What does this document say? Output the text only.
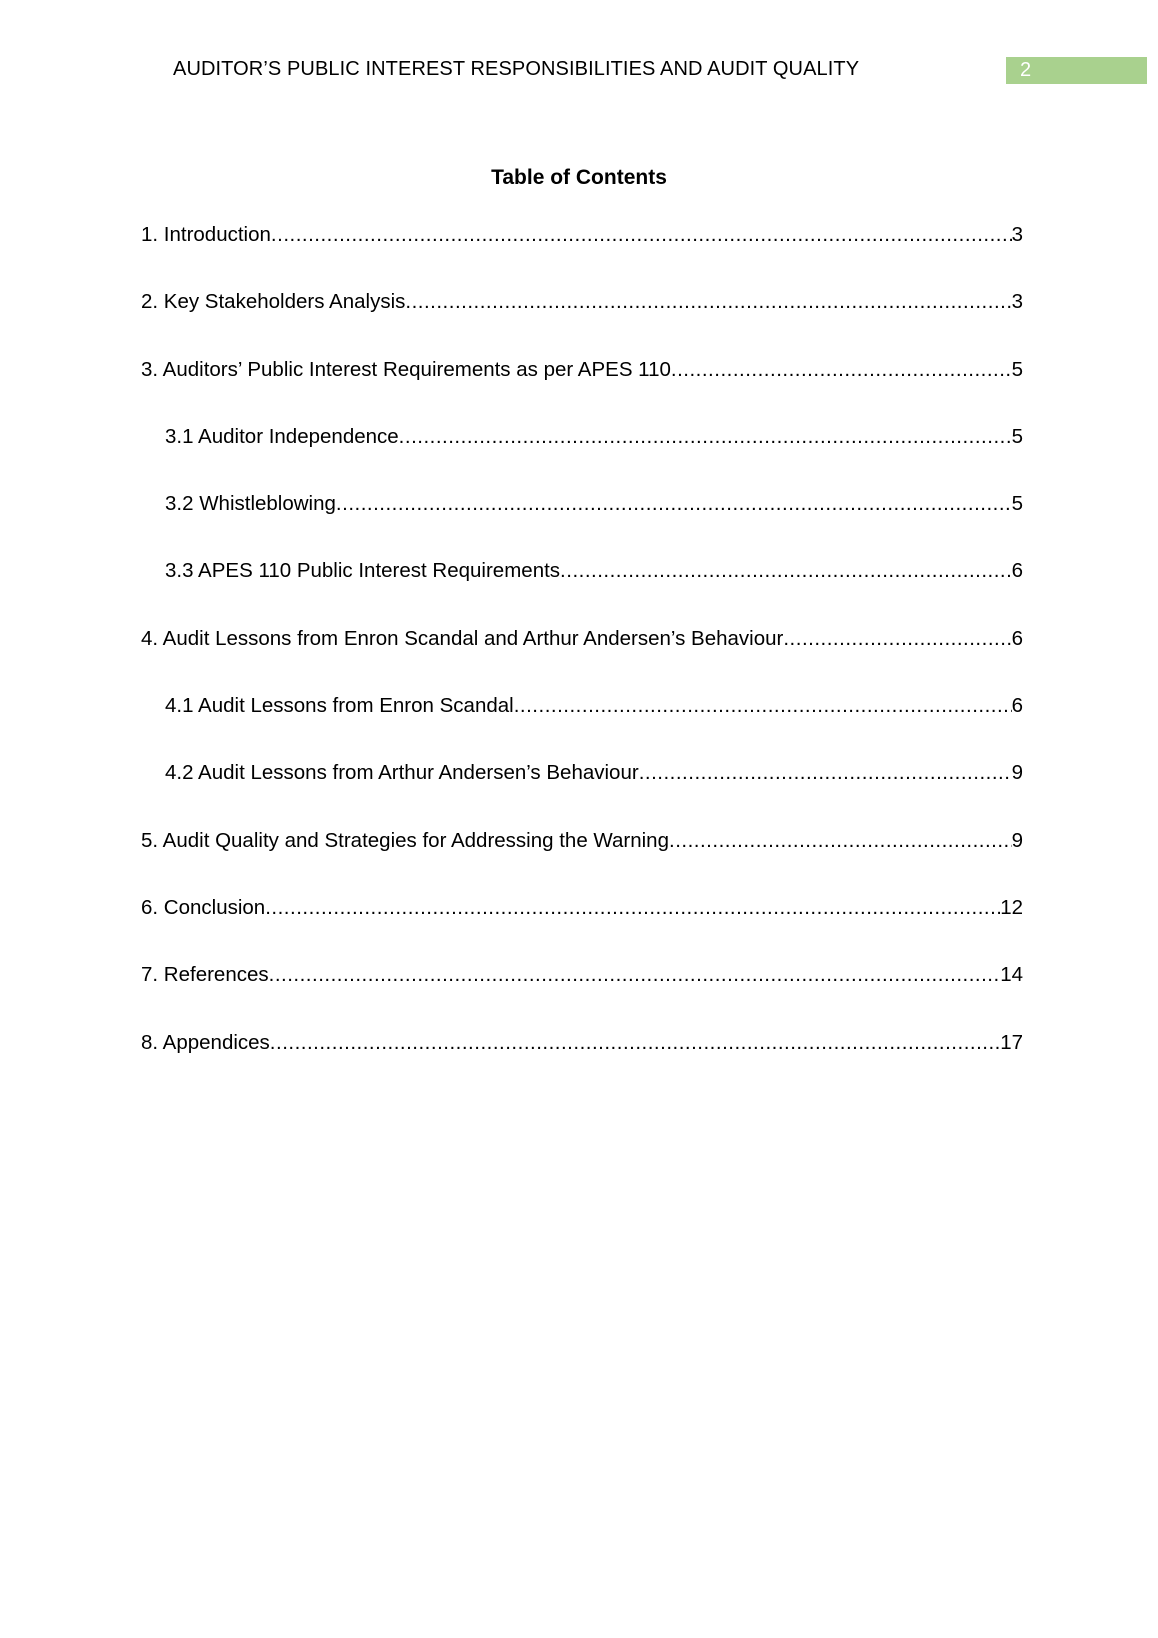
AUDITOR’S PUBLIC INTEREST RESPONSIBILITIES AND AUDIT QUALITY	2
Table of Contents
1. Introduction .....	3
2. Key Stakeholders Analysis .....	3
3. Auditors’ Public Interest Requirements as per APES 110 .....	5
3.1 Auditor Independence .....	5
3.2 Whistleblowing .....	5
3.3 APES 110 Public Interest Requirements .....	6
4. Audit Lessons from Enron Scandal and Arthur Andersen’s Behaviour .....	6
4.1 Audit Lessons from Enron Scandal .....	6
4.2 Audit Lessons from Arthur Andersen’s Behaviour .....	9
5. Audit Quality and Strategies for Addressing the Warning .....	9
6. Conclusion .....	12
7. References .....	14
8. Appendices .....	17
